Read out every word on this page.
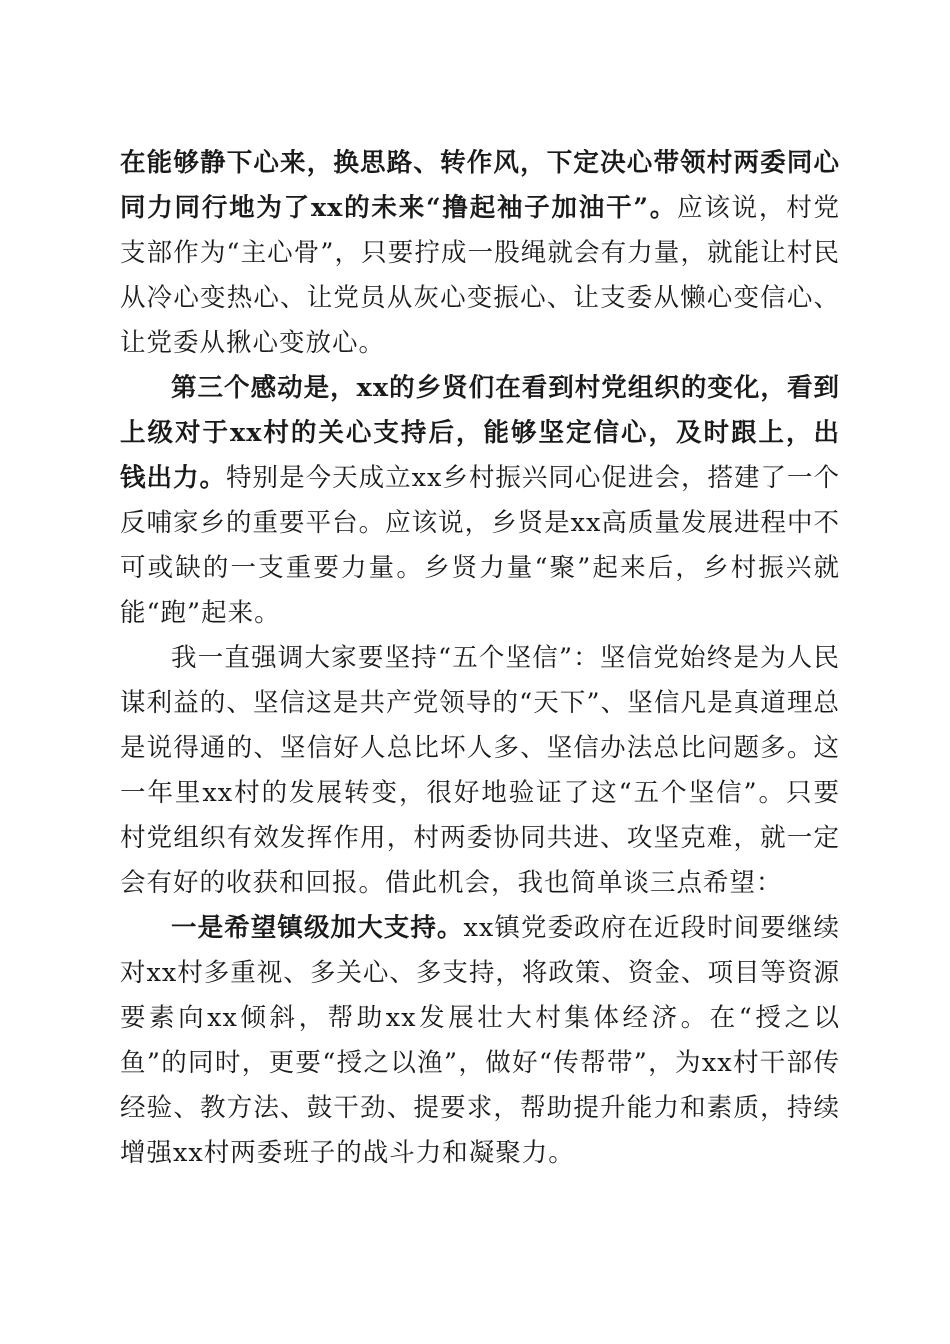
在能够静下心来，换思路、转作风，下定决心带领村两委同心同力同行地为了xx的未来“撸起袖子加油干”。应该说，村党支部作为“主心骨”，只要拧成一股绳就会有力量，就能让村民从冷心变热心、让党员从灰心变振心、让支委从懒心变信心、让党委从揪心变放心。

第三个感动是，xx的乡贤们在看到村党组织的变化，看到上级对于xx村的关心支持后，能够坚定信心，及时跟上，出钱出力。特别是今天成立xx乡村振兴同心促进会，搭建了一个反哺家乡的重要平台。应该说，乡贤是xx高质量发展进程中不可或缺的一支重要力量。乡贤力量“聚”起来后，乡村振兴就能“跑”起来。

我一直强调大家要坚持“五个坚信”：坚信党始终是为人民谋利益的、坚信这是共产党领导的“天下”、坚信凡是真道理总是说得通的、坚信好人总比坏人多、坚信办法总比问题多。这一年里xx村的发展转变，很好地验证了这“五个坚信”。只要村党组织有效发挥作用，村两委协同共进、攻坚克难，就一定会有好的收获和回报。借此机会，我也简单谈三点希望：

一是希望镇级加大支持。xx镇党委政府在近段时间要继续对xx村多重视、多关心、多支持，将政策、资金、项目等资源要素向xx倾斜，帮助xx发展壮大村集体经济。在“授之以鱼”的同时，更要“授之以渔”，做好“传帮带”，为xx村干部传经验、教方法、鼓干劲、提要求，帮助提升能力和素质，持续增强xx村两委班子的战斗力和凝聚力。
